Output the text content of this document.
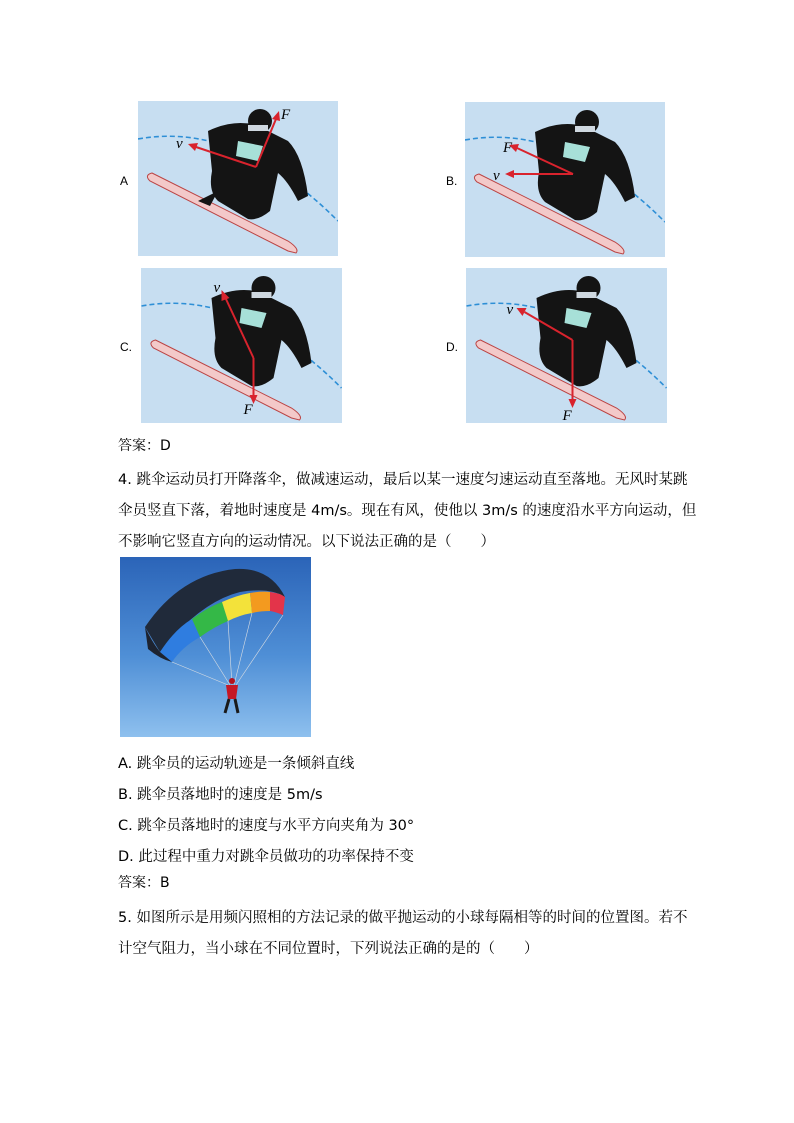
A
v
F
B.
F
v
C.
v
F
D.
v
F
答案：D
4. 跳伞运动员打开降落伞，做减速运动，最后以某一速度匀速运动直至落地。无风时某跳
伞员竖直下落，着地时速度是 4m/s。现在有风，使他以 3m/s 的速度沿水平方向运动，但
不影响它竖直方向的运动情况。以下说法正确的是（　　）
A. 跳伞员的运动轨迹是一条倾斜直线
B. 跳伞员落地时的速度是 5m/s
C. 跳伞员落地时的速度与水平方向夹角为 30°
D. 此过程中重力对跳伞员做功的功率保持不变
答案：B
5. 如图所示是用频闪照相的方法记录的做平抛运动的小球每隔相等的时间的位置图。若不
计空气阻力，当小球在不同位置时，下列说法正确的是的（　　）
